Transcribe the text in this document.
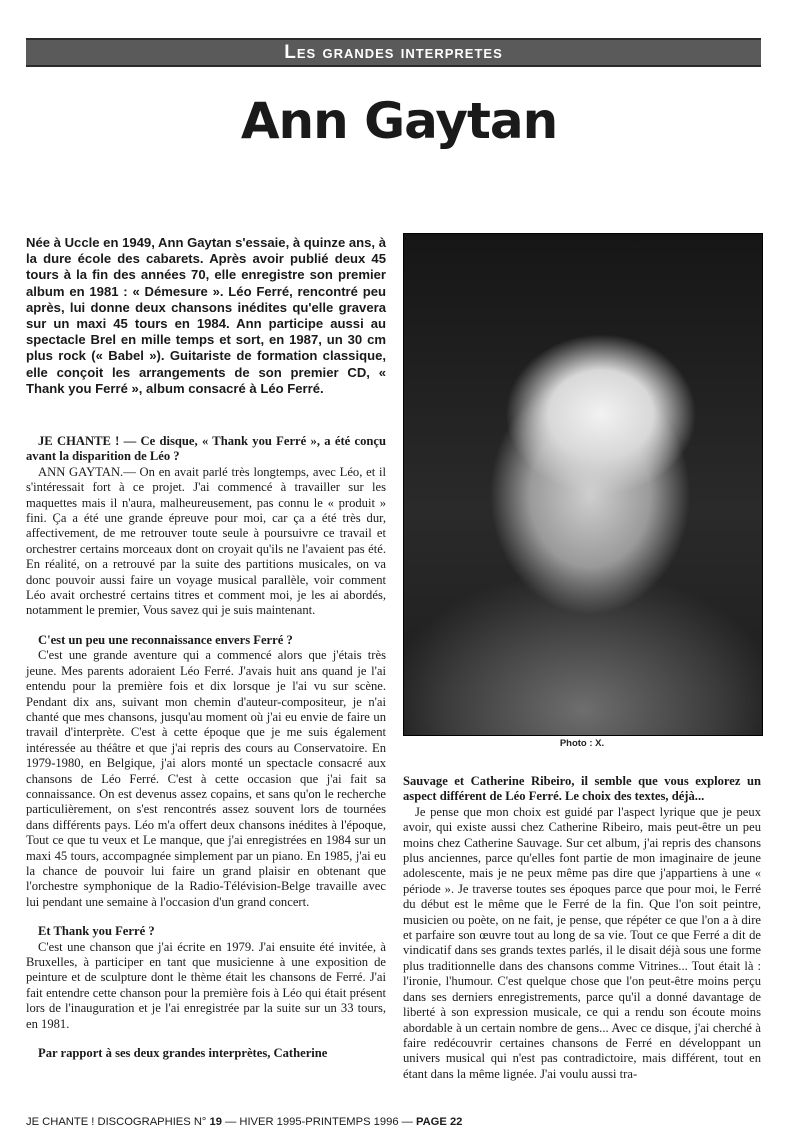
Les grandes interpretes
Ann Gaytan
Née à Uccle en 1949, Ann Gaytan s'essaie, à quinze ans, à la dure école des cabarets. Après avoir publié deux 45 tours à la fin des années 70, elle enregistre son premier album en 1981 : « Démesure ». Léo Ferré, rencontré peu après, lui donne deux chansons inédites qu'elle gravera sur un maxi 45 tours en 1984. Ann participe aussi au spectacle Brel en mille temps et sort, en 1987, un 30 cm plus rock (« Babel »). Guitariste de formation classique, elle conçoit les arrangements de son premier CD, « Thank you Ferré », album consacré à Léo Ferré.
Photo : X.

JE CHANTE ! — Ce disque, « Thank you Ferré », a été conçu avant la disparition de Léo ?

ANN GAYTAN.— On en avait parlé très longtemps, avec Léo, et il s'intéressait fort à ce projet. J'ai commencé à travailler sur les maquettes mais il n'aura, malheureusement, pas connu le « produit » fini. Ça a été une grande épreuve pour moi, car ça a été très dur, affectivement, de me retrouver toute seule à poursuivre ce travail et orchestrer certains morceaux dont on croyait qu'ils ne l'avaient pas été. En réalité, on a retrouvé par la suite des partitions musicales, on va donc pouvoir aussi faire un voyage musical parallèle, voir comment Léo avait orchestré certains titres et comment moi, je les ai abordés, notamment le premier, Vous savez qui je suis maintenant.

C'est un peu une reconnaissance envers Ferré ?

C'est une grande aventure qui a commencé alors que j'étais très jeune. Mes parents adoraient Léo Ferré. J'avais huit ans quand je l'ai entendu pour la première fois et dix lorsque je l'ai vu sur scène. Pendant dix ans, suivant mon chemin d'auteur-compositeur, je n'ai chanté que mes chansons, jusqu'au moment où j'ai eu envie de faire un travail d'interprète. C'est à cette époque que je me suis également intéressée au théâtre et que j'ai repris des cours au Conservatoire. En 1979-1980, en Belgique, j'ai alors monté un spectacle consacré aux chansons de Léo Ferré. C'est à cette occasion que j'ai fait sa connaissance. On est devenus assez copains, et sans qu'on le recherche particulièrement, on s'est rencontrés assez souvent lors de tournées dans différents pays. Léo m'a offert deux chansons inédites à l'époque, Tout ce que tu veux et Le manque, que j'ai enregistrées en 1984 sur un maxi 45 tours, accompagnée simplement par un piano. En 1985, j'ai eu la chance de pouvoir lui faire un grand plaisir en obtenant que l'orchestre symphonique de la Radio-Télévision-Belge travaille avec lui pendant une semaine à l'occasion d'un grand concert.

Et Thank you Ferré ?

C'est une chanson que j'ai écrite en 1979. J'ai ensuite été invitée, à Bruxelles, à participer en tant que musicienne à une exposition de peinture et de sculpture dont le thème était les chansons de Ferré. J'ai fait entendre cette chanson pour la première fois à Léo qui était présent lors de l'inauguration et je l'ai enregistrée par la suite sur un 33 tours, en 1981.

Par rapport à ses deux grandes interprètes, Catherine

Sauvage et Catherine Ribeiro, il semble que vous explorez un aspect différent de Léo Ferré. Le choix des textes, déjà...

Je pense que mon choix est guidé par l'aspect lyrique que je peux avoir, qui existe aussi chez Catherine Ribeiro, mais peut-être un peu moins chez Catherine Sauvage. Sur cet album, j'ai repris des chansons plus anciennes, parce qu'elles font partie de mon imaginaire de jeune adolescente, mais je ne peux même pas dire que j'appartiens à une « période ». Je traverse toutes ses époques parce que pour moi, le Ferré du début est le même que le Ferré de la fin. Que l'on soit peintre, musicien ou poète, on ne fait, je pense, que répéter ce que l'on a à dire et parfaire son œuvre tout au long de sa vie. Tout ce que Ferré a dit de vindicatif dans ses grands textes parlés, il le disait déjà sous une forme plus traditionnelle dans des chansons comme Vitrines... Tout était là : l'ironie, l'humour. C'est quelque chose que l'on peut-être moins perçu dans ses derniers enregistrements, parce qu'il a donné davantage de liberté à son expression musicale, ce qui a rendu son écoute moins abordable à un certain nombre de gens... Avec ce disque, j'ai cherché à faire redécouvrir certaines chansons de Ferré en développant un univers musical qui n'est pas contradictoire, mais différent, tout en étant dans la même lignée. J'ai voulu aussi tra-

JE CHANTE ! DISCOGRAPHIES N° 19 — HIVER 1995-PRINTEMPS 1996 — PAGE 22
